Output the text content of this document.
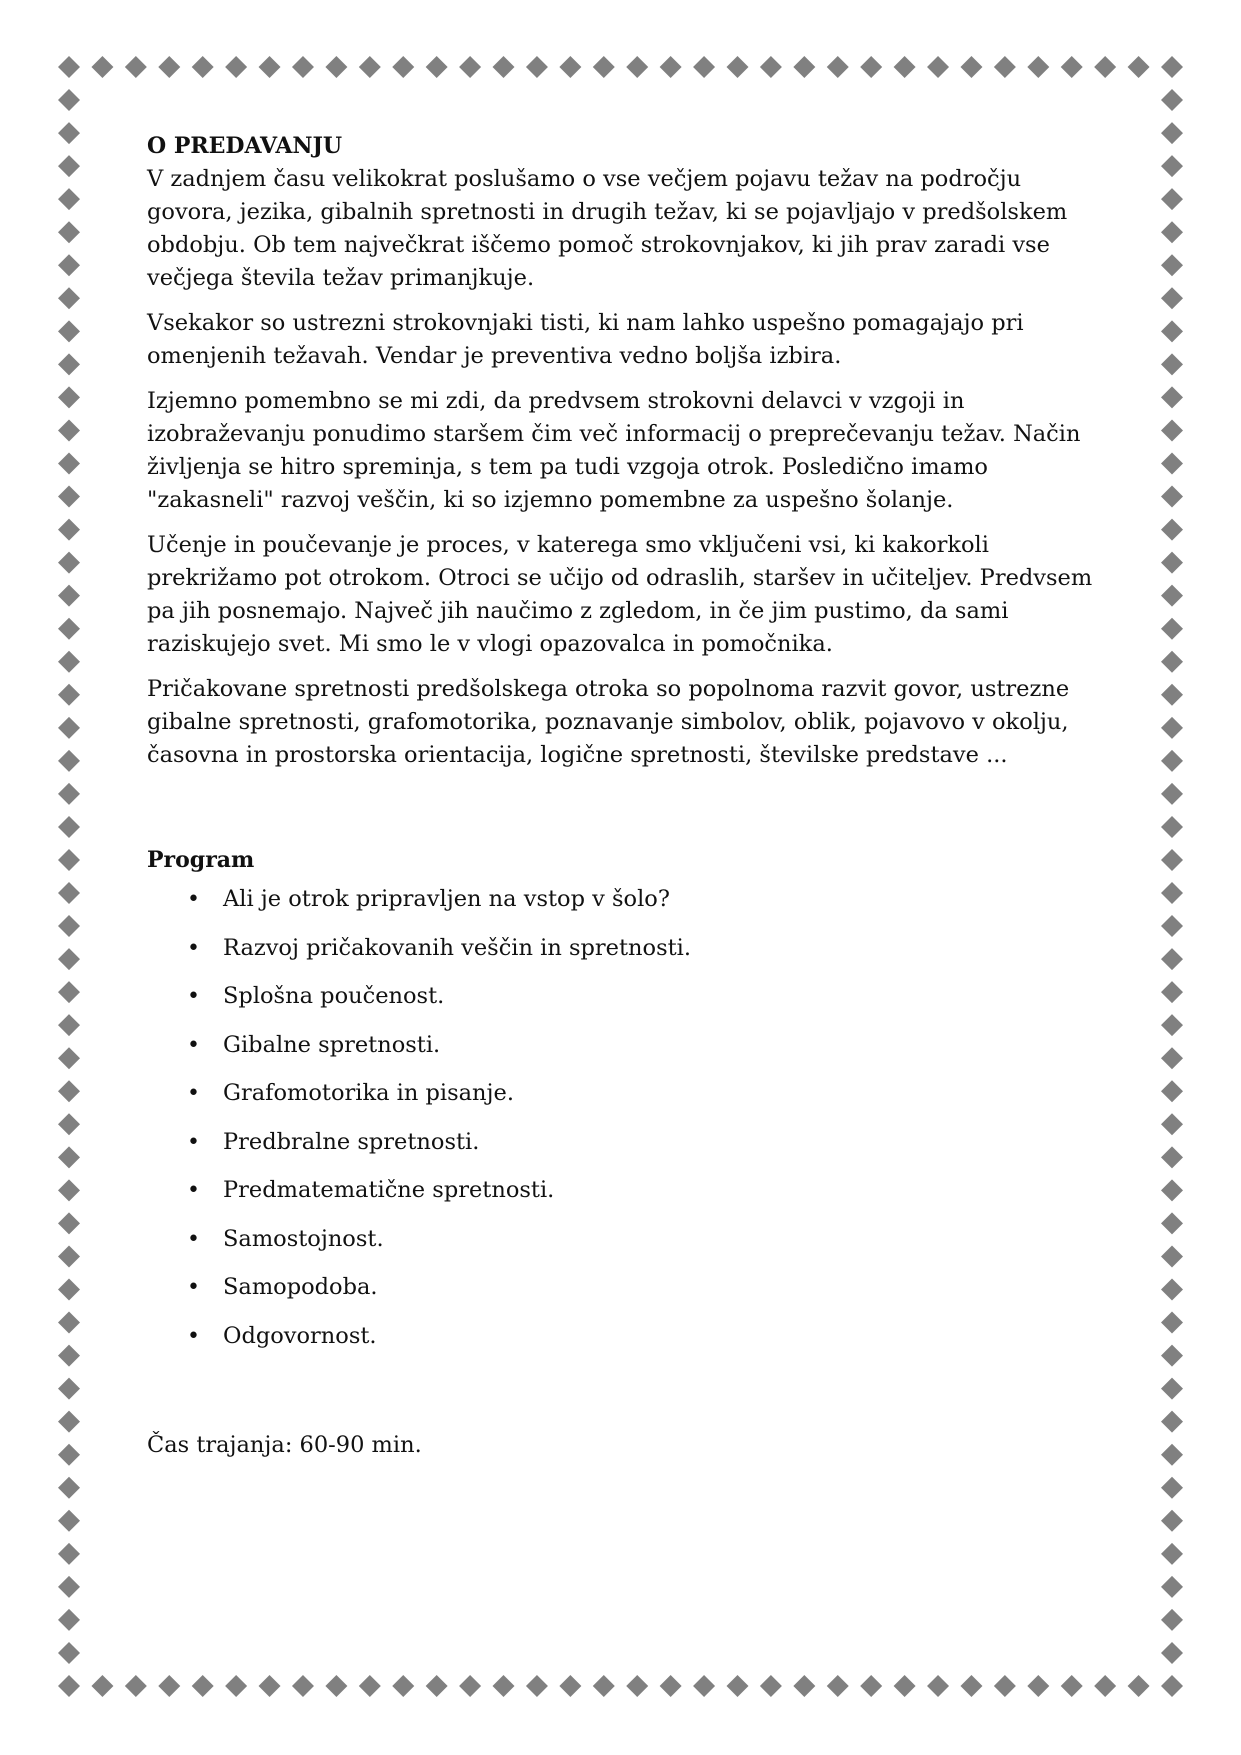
O PREDAVANJU

V zadnjem času velikokrat poslušamo o vse večjem pojavu težav na področju govora, jezika, gibalnih spretnosti in drugih težav, ki se pojavljajo v predšolskem obdobju. Ob tem največkrat iščemo pomoč strokovnjakov, ki jih prav zaradi vse večjega števila težav primanjkuje.

Vsekakor so ustrezni strokovnjaki tisti, ki nam lahko uspešno pomagajajo pri omenjenih težavah. Vendar je preventiva vedno boljša izbira.

Izjemno pomembno se mi zdi, da predvsem strokovni delavci v vzgoji in izobraževanju ponudimo staršem čim več informacij o preprečevanju težav. Način življenja se hitro spreminja, s tem pa tudi vzgoja otrok. Posledično imamo "zakasneli" razvoj veščin, ki so izjemno pomembne za uspešno šolanje.

Učenje in poučevanje je proces, v katerega smo vključeni vsi, ki kakorkoli prekrižamo pot otrokom. Otroci se učijo od odraslih, staršev in učiteljev. Predvsem pa jih posnemajo. Največ jih naučimo z zgledom, in če jim pustimo, da sami raziskujejo svet. Mi smo le v vlogi opazovalca in pomočnika.

Pričakovane spretnosti predšolskega otroka so popolnoma razvit govor, ustrezne gibalne spretnosti, grafomotorika, poznavanje simbolov, oblik, pojavovo v okolju, časovna in prostorska orientacija, logične spretnosti, številske predstave ...

Program
• Ali je otrok pripravljen na vstop v šolo?
• Razvoj pričakovanih veščin in spretnosti.
• Splošna poučenost.
• Gibalne spretnosti.
• Grafomotorika in pisanje.
• Predbralne spretnosti.
• Predmatematične spretnosti.
• Samostojnost.
• Samopodoba.
• Odgovornost.
Čas trajanja: 60-90 min.
